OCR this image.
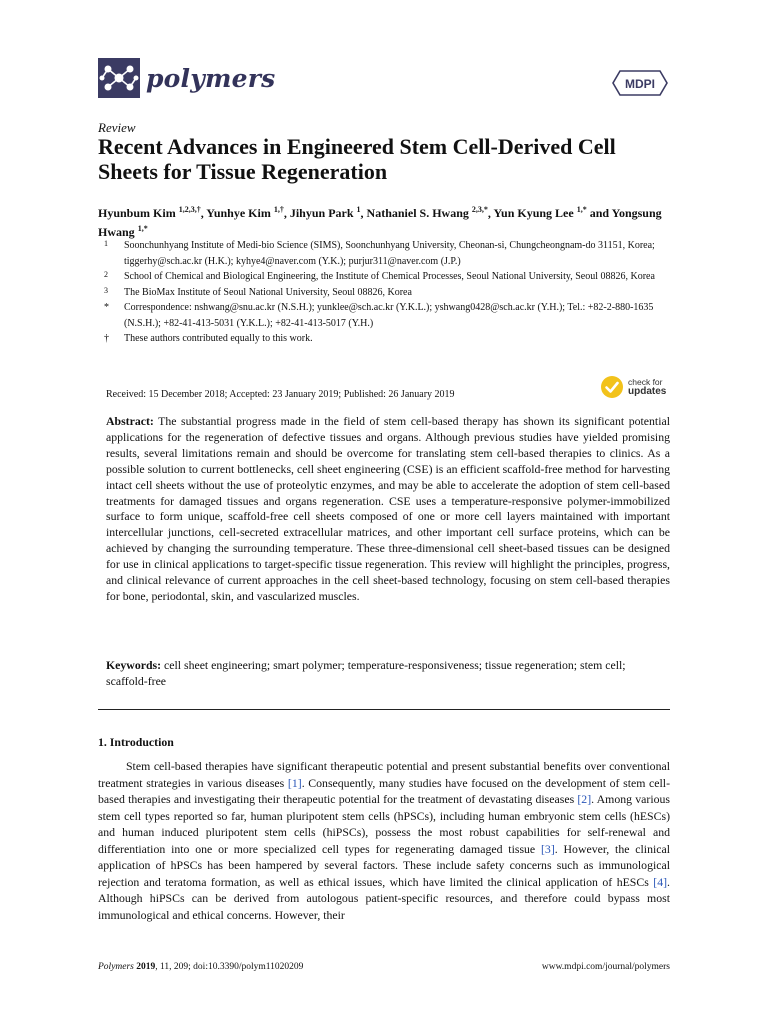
polymers	MDPI
Review
Recent Advances in Engineered Stem Cell-Derived Cell Sheets for Tissue Regeneration
Hyunbum Kim $^{1,2,3,\dagger}$, Yunhye Kim $^{1,\dagger}$, Jihyun Park $^1$, Nathaniel S. Hwang $^{2,3,*}$, Yun Kyung Lee $^{1,*}$ and Yongsung Hwang $^{1,*}$
1	Soonchunhyang Institute of Medi-bio Science (SIMS), Soonchunhyang University, Cheonan-si, Chungcheongnam-do 31151, Korea; tiggerhy@sch.ac.kr (H.K.); kyhye4@naver.com (Y.K.); purjur311@naver.com (J.P.)
2	School of Chemical and Biological Engineering, the Institute of Chemical Processes, Seoul National University, Seoul 08826, Korea
3	The BioMax Institute of Seoul National University, Seoul 08826, Korea
*	Correspondence: nshwang@snu.ac.kr (N.S.H.); yunklee@sch.ac.kr (Y.K.L.); yshwang0428@sch.ac.kr (Y.H.); Tel.: +82-2-880-1635 (N.S.H.); +82-41-413-5031 (Y.K.L.); +82-41-413-5017 (Y.H.)
†	These authors contributed equally to this work.
Received: 15 December 2018; Accepted: 23 January 2019; Published: 26 January 2019
check for
updates
Abstract: The substantial progress made in the field of stem cell-based therapy has shown its significant potential applications for the regeneration of defective tissues and organs. Although previous studies have yielded promising results, several limitations remain and should be overcome for translating stem cell-based therapies to clinics. As a possible solution to current bottlenecks, cell sheet engineering (CSE) is an efficient scaffold-free method for harvesting intact cell sheets without the use of proteolytic enzymes, and may be able to accelerate the adoption of stem cell-based treatments for damaged tissues and organs regeneration. CSE uses a temperature-responsive polymer-immobilized surface to form unique, scaffold-free cell sheets composed of one or more cell layers maintained with important intercellular junctions, cell-secreted extracellular matrices, and other important cell surface proteins, which can be achieved by changing the surrounding temperature. These three-dimensional cell sheet-based tissues can be designed for use in clinical applications to target-specific tissue regeneration. This review will highlight the principles, progress, and clinical relevance of current approaches in the cell sheet-based technology, focusing on stem cell-based therapies for bone, periodontal, skin, and vascularized muscles.
Keywords: cell sheet engineering; smart polymer; temperature-responsiveness; tissue regeneration; stem cell; scaffold-free
1. Introduction
Stem cell-based therapies have significant therapeutic potential and present substantial benefits over conventional treatment strategies in various diseases [1]. Consequently, many studies have focused on the development of stem cell-based therapies and investigating their therapeutic potential for the treatment of devastating diseases [2]. Among various stem cell types reported so far, human pluripotent stem cells (hPSCs), including human embryonic stem cells (hESCs) and human induced pluripotent stem cells (hiPSCs), possess the most robust capabilities for self-renewal and differentiation into one or more specialized cell types for regenerating damaged tissue [3]. However, the clinical application of hPSCs has been hampered by several factors. These include safety concerns such as immunological rejection and teratoma formation, as well as ethical issues, which have limited the clinical application of hESCs [4]. Although hiPSCs can be derived from autologous patient-specific resources, and therefore could bypass most immunological and ethical concerns. However, their
Polymers 2019, 11, 209; doi:10.3390/polym11020209	www.mdpi.com/journal/polymers
